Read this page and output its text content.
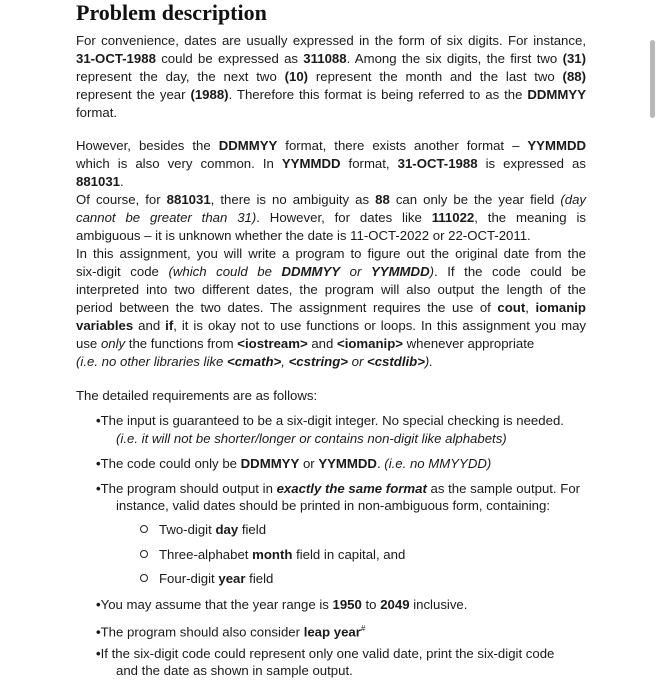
Problem description
For convenience, dates are usually expressed in the form of six digits. For instance,
31-OCT-1988 could be expressed as 311088. Among the six digits, the first two (31)
represent the day, the next two (10) represent the month and the last two (88)
represent the year (1988). Therefore this format is being referred to as the DDMMYY
format.
However, besides the DDMMYY format, there exists another format – YYMMDD
which is also very common. In YYMMDD format, 31-OCT-1988 is expressed as 881031.
Of course, for 881031, there is no ambiguity as 88 can only be the year field (day
cannot be greater than 31). However, for dates like 111022, the meaning is
ambiguous – it is unknown whether the date is 11-OCT-2022 or 22-OCT-2011.
In this assignment, you will write a program to figure out the original date from the
six-digit code (which could be DDMMYY or YYMMDD). If the code could be
interpreted into two different dates, the program will also output the length of the
period between the two dates. The assignment requires the use of cout, iomanip
variables and if, it is okay not to use functions or loops. In this assignment you may
use only the functions from <iostream> and <iomanip> whenever appropriate
(i.e. no other libraries like <cmath>, <cstring> or <cstdlib>).
The detailed requirements are as follows:
•The input is guaranteed to be a six-digit integer. No special checking is needed.
(i.e. it will not be shorter/longer or contains non-digit like alphabets)
•The code could only be DDMMYY or YYMMDD. (i.e. no MMYYDD)
•The program should output in exactly the same format as the sample output. For
instance, valid dates should be printed in non-ambiguous form, containing:
Two-digit day field
Three-alphabet month field in capital, and
Four-digit year field
•You may assume that the year range is 1950 to 2049 inclusive.
•The program should also consider leap year#
•If the six-digit code could represent only one valid date, print the six-digit code
and the date as shown in sample output.
